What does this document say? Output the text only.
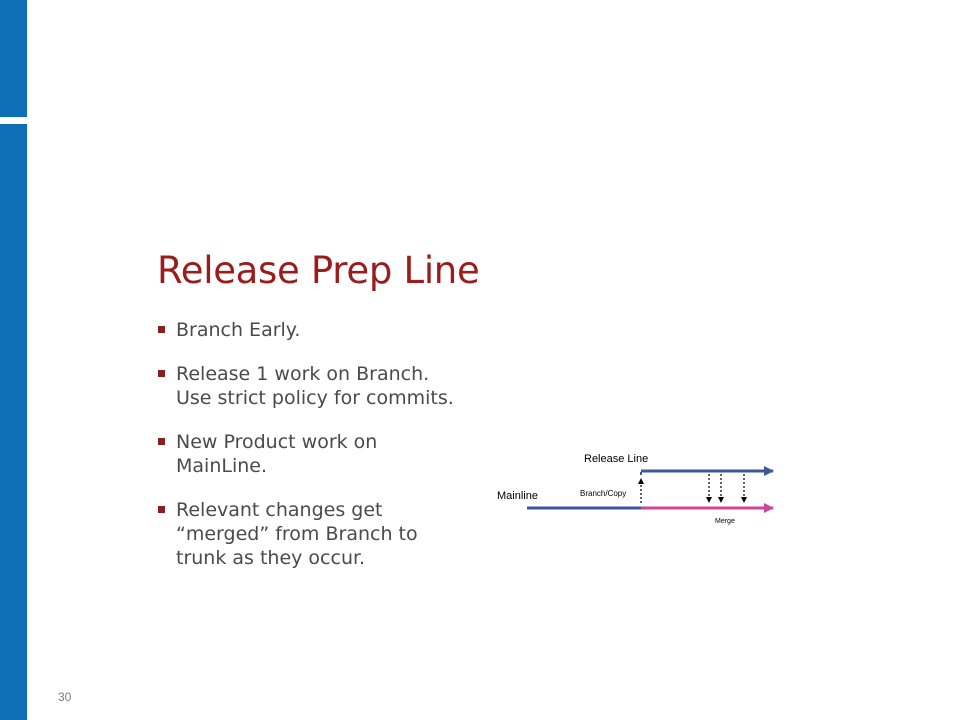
Release Prep Line
Branch Early.
Release 1 work on Branch.
Use strict policy for commits.
New Product work on
MainLine.
Relevant changes get
“merged” from Branch to
trunk as they occur.
Release Line
Mainline	Branch/Copy
Merge
30
